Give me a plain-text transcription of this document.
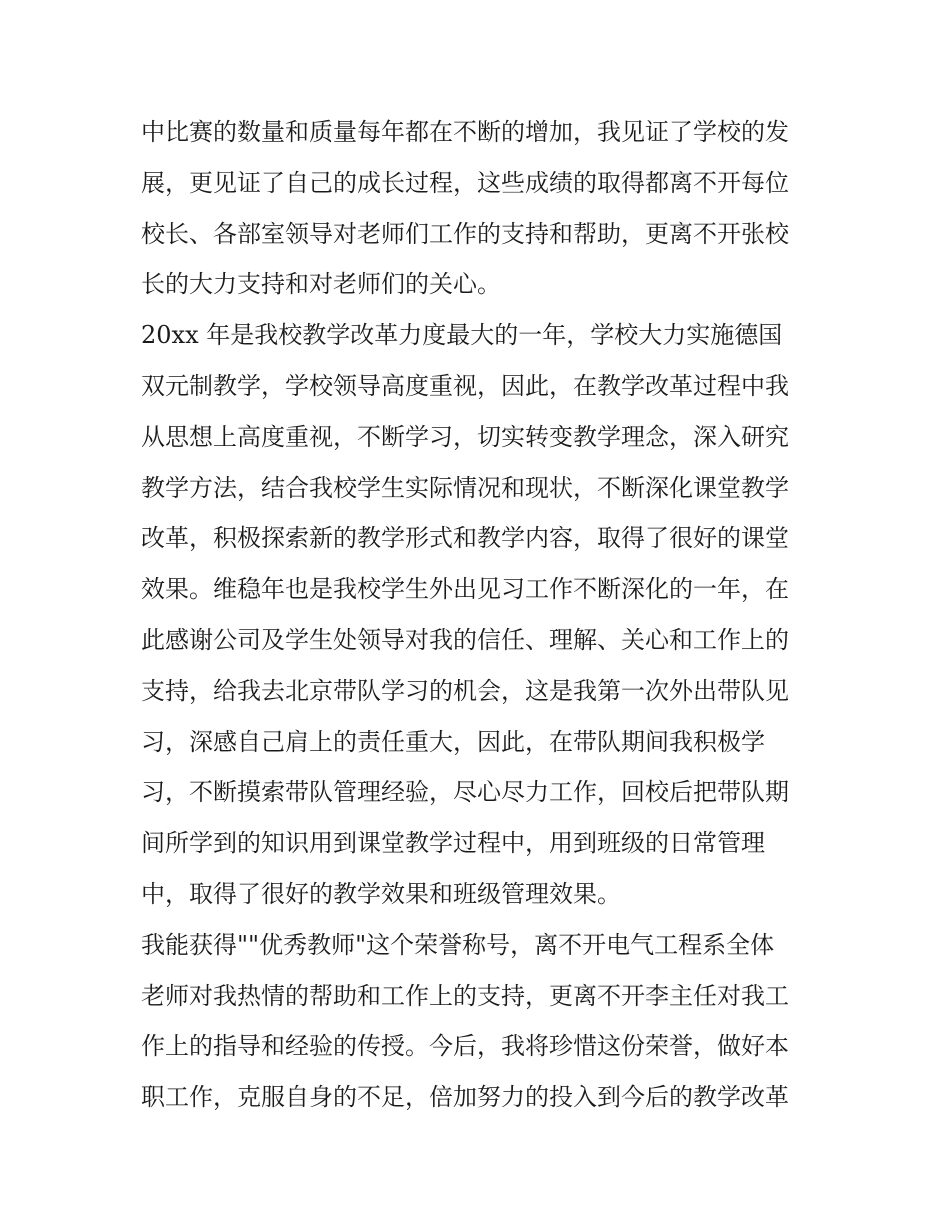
中比赛的数量和质量每年都在不断的增加，我见证了学校的发
展，更见证了自己的成长过程，这些成绩的取得都离不开每位
校长、各部室领导对老师们工作的支持和帮助，更离不开张校
长的大力支持和对老师们的关心。

20xx 年是我校教学改革力度最大的一年，学校大力实施德国
双元制教学，学校领导高度重视，因此，在教学改革过程中我
从思想上高度重视，不断学习，切实转变教学理念，深入研究
教学方法，结合我校学生实际情况和现状，不断深化课堂教学
改革，积极探索新的教学形式和教学内容，取得了很好的课堂
效果。维稳年也是我校学生外出见习工作不断深化的一年，在
此感谢公司及学生处领导对我的信任、理解、关心和工作上的
支持，给我去北京带队学习的机会，这是我第一次外出带队见
习，深感自己肩上的责任重大，因此，在带队期间我积极学
习，不断摸索带队管理经验，尽心尽力工作，回校后把带队期
间所学到的知识用到课堂教学过程中，用到班级的日常管理
中，取得了很好的教学效果和班级管理效果。

我能获得""优秀教师"这个荣誉称号，离不开电气工程系全体
老师对我热情的帮助和工作上的支持，更离不开李主任对我工
作上的指导和经验的传授。今后，我将珍惜这份荣誉，做好本
职工作，克服自身的不足，倍加努力的投入到今后的教学改革
